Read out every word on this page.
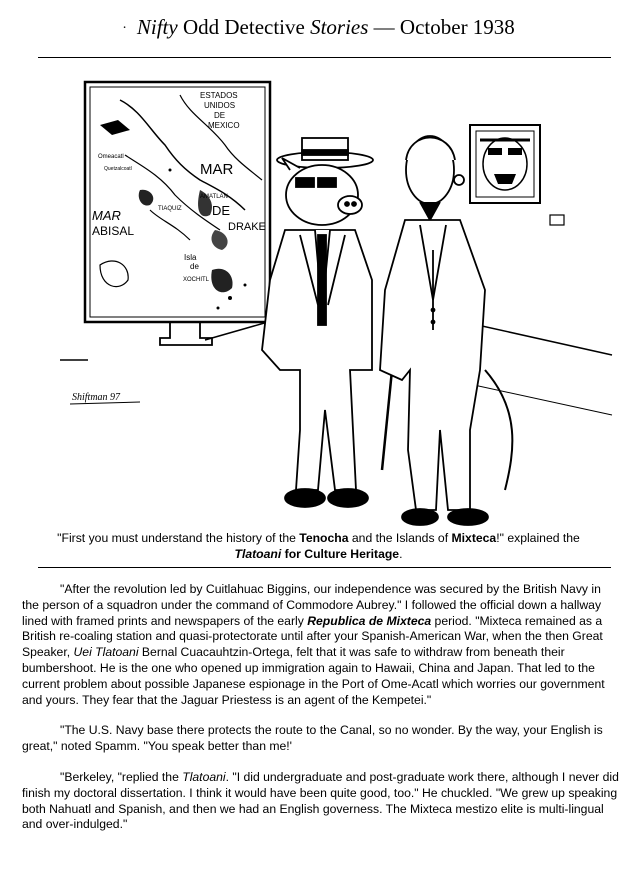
· Nifty Odd Detective Stories — October 1938
ESTADOS
UNIDOS
DE
MEXICO
MAR
MAR
ABISAL
DE
DRAKE
Isla
de
XOCHITL
AMATLAN
TIAQUIZ
Omeacatl
Quetzalcoatl
Shiftman 97
"First you must understand the history of the Tenocha and the Islands of Mixteca!" explained the
Tlatoani for Culture Heritage.

"After the revolution led by Cuitlahuac Biggins, our independence was secured by the British Navy in the person of a squadron under the command of Commodore Aubrey." I followed the official down a hallway lined with framed prints and newspapers of the early Republica de Mixteca period. "Mixteca remained as a British re-coaling station and quasi-protectorate until after your Spanish-American War, when the then Great Speaker, Uei Tlatoani Bernal Cuacauhtzin-Ortega, felt that it was safe to withdraw from beneath their bumbershoot. He is the one who opened up immigration again to Hawaii, China and Japan. That led to the current problem about possible Japanese espionage in the Port of Ome-Acatl which worries our government and yours. They fear that the Jaguar Priestess is an agent of the Kempetei."

"The U.S. Navy base there protects the route to the Canal, so no wonder. By the way, your English is great," noted Spamm. "You speak better than me!'

"Berkeley, "replied the Tlatoani. "I did undergraduate and post-graduate work there, although I never did finish my doctoral dissertation. I think it would have been quite good, too." He chuckled. "We grew up speaking both Nahuatl and Spanish, and then we had an English governess. The Mixteca mestizo elite is multi-lingual and over-indulged."
